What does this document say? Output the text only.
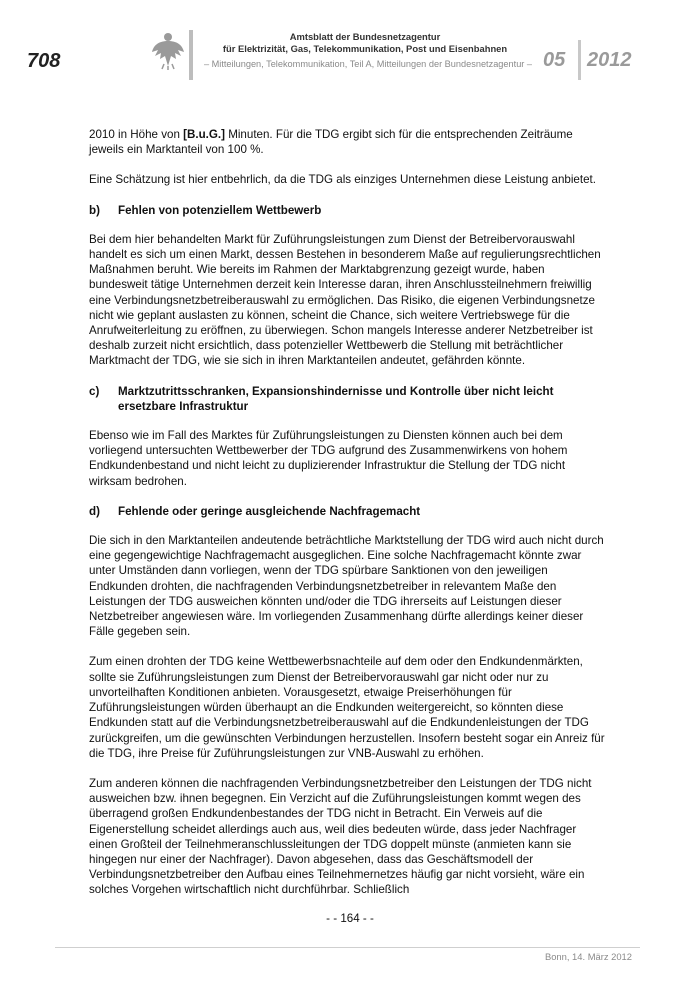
708
Amtsblatt der Bundesnetzagentur
für Elektrizität, Gas, Telekommunikation, Post und Eisenbahnen
– Mitteilungen, Telekommunikation, Teil A, Mitteilungen der Bundesnetzagentur – 05 2012

2010 in Höhe von [B.u.G.] Minuten. Für die TDG ergibt sich für die entsprechenden Zeiträume jeweils ein Marktanteil von 100 %.

Eine Schätzung ist hier entbehrlich, da die TDG als einziges Unternehmen diese Leistung anbietet.

b)	Fehlen von potenziellem Wettbewerb

Bei dem hier behandelten Markt für Zuführungsleistungen zum Dienst der Betreibervorauswahl handelt es sich um einen Markt, dessen Bestehen in besonderem Maße auf regulierungsrechtlichen Maßnahmen beruht. Wie bereits im Rahmen der Marktabgrenzung gezeigt wurde, haben bundesweit tätige Unternehmen derzeit kein Interesse daran, ihren Anschlussteilnehmern freiwillig eine Verbindungsnetzbetreiberauswahl zu ermöglichen. Das Risiko, die eigenen Verbindungsnetze nicht wie geplant auslasten zu können, scheint die Chance, sich weitere Vertriebswege für die Anrufweiterleitung zu eröffnen, zu überwiegen. Schon mangels Interesse anderer Netzbetreiber ist deshalb zurzeit nicht ersichtlich, dass potenzieller Wettbewerb die Stellung mit beträchtlicher Marktmacht der TDG, wie sie sich in ihren Marktanteilen andeutet, gefährden könnte.

c)	Marktzutrittsschranken, Expansionshindernisse und Kontrolle über nicht leicht ersetzbare Infrastruktur

Ebenso wie im Fall des Marktes für Zuführungsleistungen zu Diensten können auch bei dem vorliegend untersuchten Wettbewerber der TDG aufgrund des Zusammenwirkens von hohem Endkundenbestand und nicht leicht zu duplizierender Infrastruktur die Stellung der TDG nicht wirksam bedrohen.

d)	Fehlende oder geringe ausgleichende Nachfragemacht

Die sich in den Marktanteilen andeutende beträchtliche Marktstellung der TDG wird auch nicht durch eine gegengewichtige Nachfragemacht ausgeglichen. Eine solche Nachfragemacht könnte zwar unter Umständen dann vorliegen, wenn der TDG spürbare Sanktionen von den jeweiligen Endkunden drohten, die nachfragenden Verbindungsnetzbetreiber in relevantem Maße den Leistungen der TDG ausweichen könnten und/oder die TDG ihrerseits auf Leistungen dieser Netzbetreiber angewiesen wäre. Im vorliegenden Zusammenhang dürfte allerdings keiner dieser Fälle gegeben sein.

Zum einen drohten der TDG keine Wettbewerbsnachteile auf dem oder den Endkundenmärkten, sollte sie Zuführungsleistungen zum Dienst der Betreibervorauswahl gar nicht oder nur zu unvorteilhaften Konditionen anbieten. Vorausgesetzt, etwaige Preiserhöhungen für Zuführungsleistungen würden überhaupt an die Endkunden weitergereicht, so könnten diese Endkunden statt auf die Verbindungsnetzbetreiberauswahl auf die Endkundenleistungen der TDG zurückgreifen, um die gewünschten Verbindungen herzustellen. Insofern besteht sogar ein Anreiz für die TDG, ihre Preise für Zuführungsleistungen zur VNB-Auswahl zu erhöhen.

Zum anderen können die nachfragenden Verbindungsnetzbetreiber den Leistungen der TDG nicht ausweichen bzw. ihnen begegnen. Ein Verzicht auf die Zuführungsleistungen kommt wegen des überragend großen Endkundenbestandes der TDG nicht in Betracht. Ein Verweis auf die Eigenerstellung scheidet allerdings auch aus, weil dies bedeuten würde, dass jeder Nachfrager einen Großteil der Teilnehmeranschlussleitungen der TDG doppelt münste (anmieten kann sie hingegen nur einer der Nachfrager). Davon abgesehen, dass das Geschäftsmodell der Verbindungsnetzbetreiber den Aufbau eines Teilnehmernetzes häufig gar nicht vorsieht, wäre ein solches Vorgehen wirtschaftlich nicht durchführbar. Schließlich

- - 164 - -
Bonn, 14. März 2012
